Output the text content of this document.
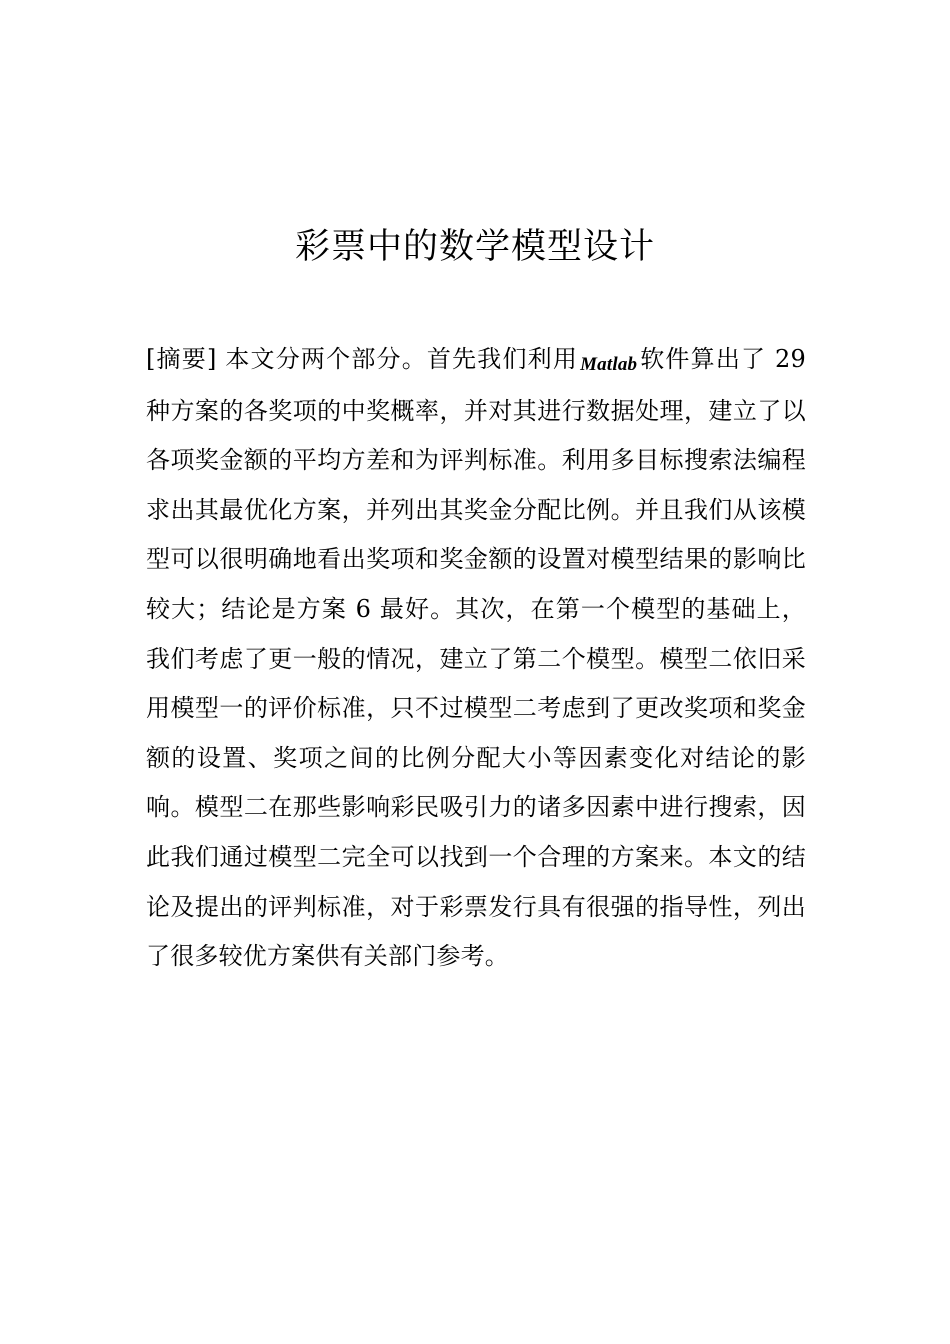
彩票中的数学模型设计

[摘要] 本文分两个部分。首先我们利用 Matlab软件算出了 29 种方案的各奖项的中奖概率，并对其进行数据处理，建立了以各项奖金额的平均方差和为评判标准。利用多目标搜索法编程求出其最优化方案，并列出其奖金分配比例。并且我们从该模型可以很明确地看出奖项和奖金额的设置对模型结果的影响比较大；结论是方案 6 最好。其次，在第一个模型的基础上，我们考虑了更一般的情况，建立了第二个模型。模型二依旧采用模型一的评价标准，只不过模型二考虑到了更改奖项和奖金额的设置、奖项之间的比例分配大小等因素变化对结论的影响。模型二在那些影响彩民吸引力的诸多因素中进行搜索，因此我们通过模型二完全可以找到一个合理的方案来。本文的结论及提出的评判标准，对于彩票发行具有很强的指导性，列出了很多较优方案供有关部门参考。
